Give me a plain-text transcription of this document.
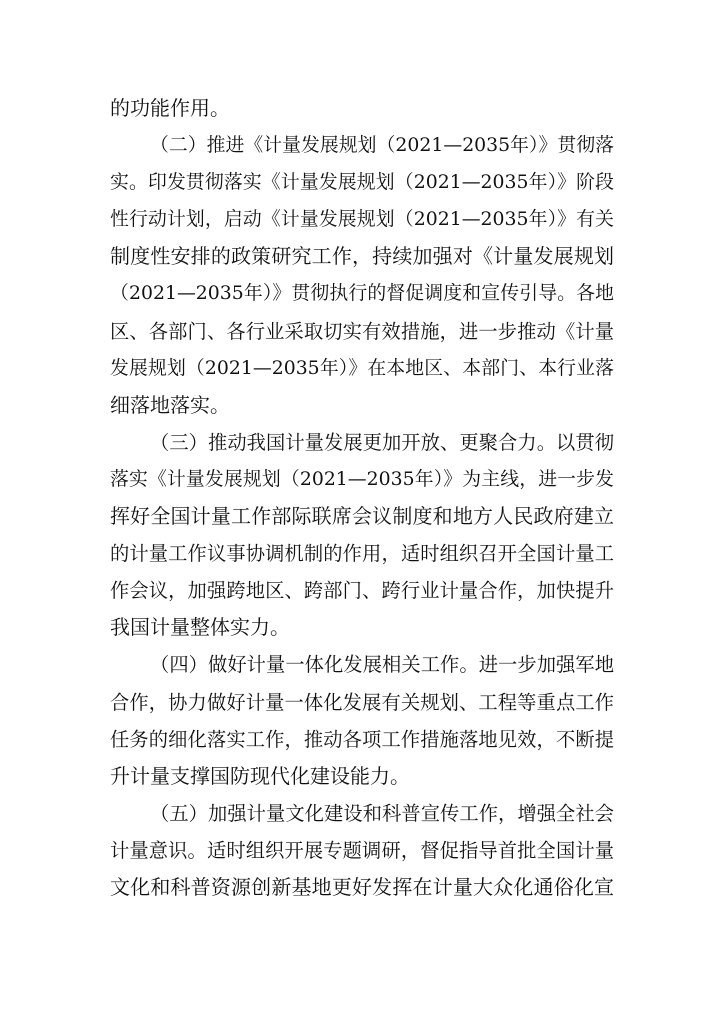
的功能作用。
（二）推进《计量发展规划（2021—2035年）》贯彻落
实。印发贯彻落实《计量发展规划（2021—2035年）》阶段
性行动计划，启动《计量发展规划（2021—2035年）》有关
制度性安排的政策研究工作，持续加强对《计量发展规划
（2021—2035年）》贯彻执行的督促调度和宣传引导。各地
区、各部门、各行业采取切实有效措施，进一步推动《计量
发展规划（2021—2035年）》在本地区、本部门、本行业落
细落地落实。
（三）推动我国计量发展更加开放、更聚合力。以贯彻
落实《计量发展规划（2021—2035年）》为主线，进一步发
挥好全国计量工作部际联席会议制度和地方人民政府建立
的计量工作议事协调机制的作用，适时组织召开全国计量工
作会议，加强跨地区、跨部门、跨行业计量合作，加快提升
我国计量整体实力。
（四）做好计量一体化发展相关工作。进一步加强军地
合作，协力做好计量一体化发展有关规划、工程等重点工作
任务的细化落实工作，推动各项工作措施落地见效，不断提
升计量支撑国防现代化建设能力。
（五）加强计量文化建设和科普宣传工作，增强全社会
计量意识。适时组织开展专题调研，督促指导首批全国计量
文化和科普资源创新基地更好发挥在计量大众化通俗化宣
